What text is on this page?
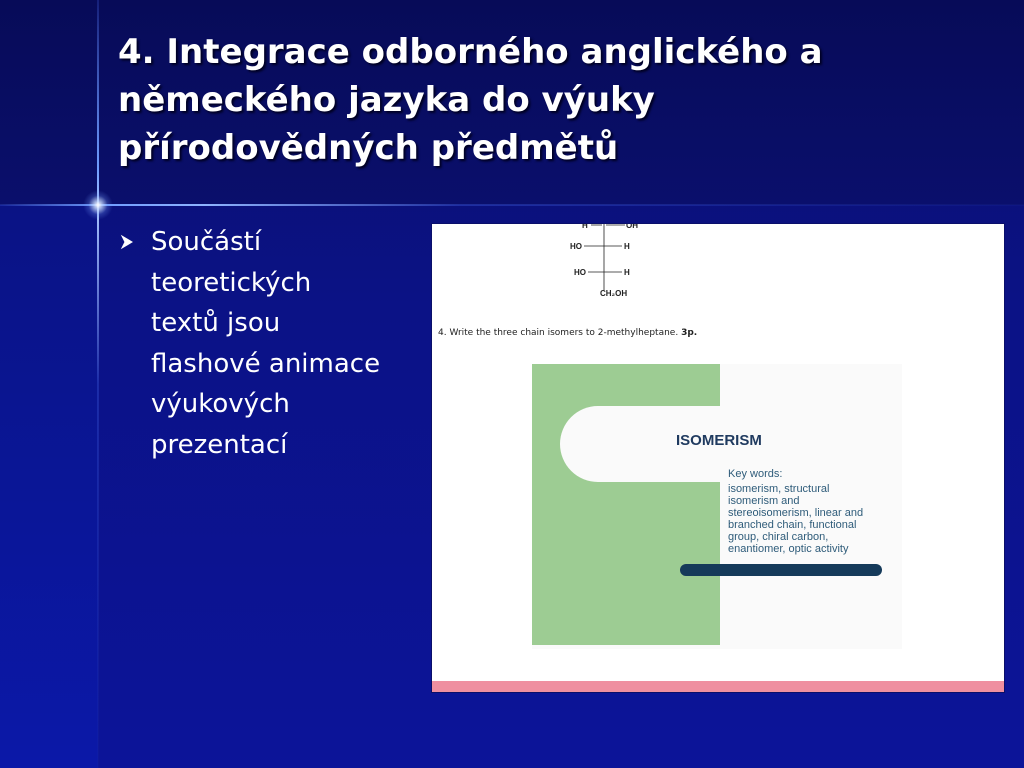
4. Integrace odborného anglického a
německého jazyka do výuky
přírodovědných předmětů
Součástí
teoretických
textů jsou
flashové animace
výukových
prezentací
H	OH
HO	H
HO	H
CH₂OH
4. Write the three chain isomers to 2-methylheptane. 3p.
ISOMERISM
Key words:
isomerism, structural
isomerism and
stereoisomerism, linear and
branched chain, functional
group, chiral carbon,
enantiomer, optic activity
